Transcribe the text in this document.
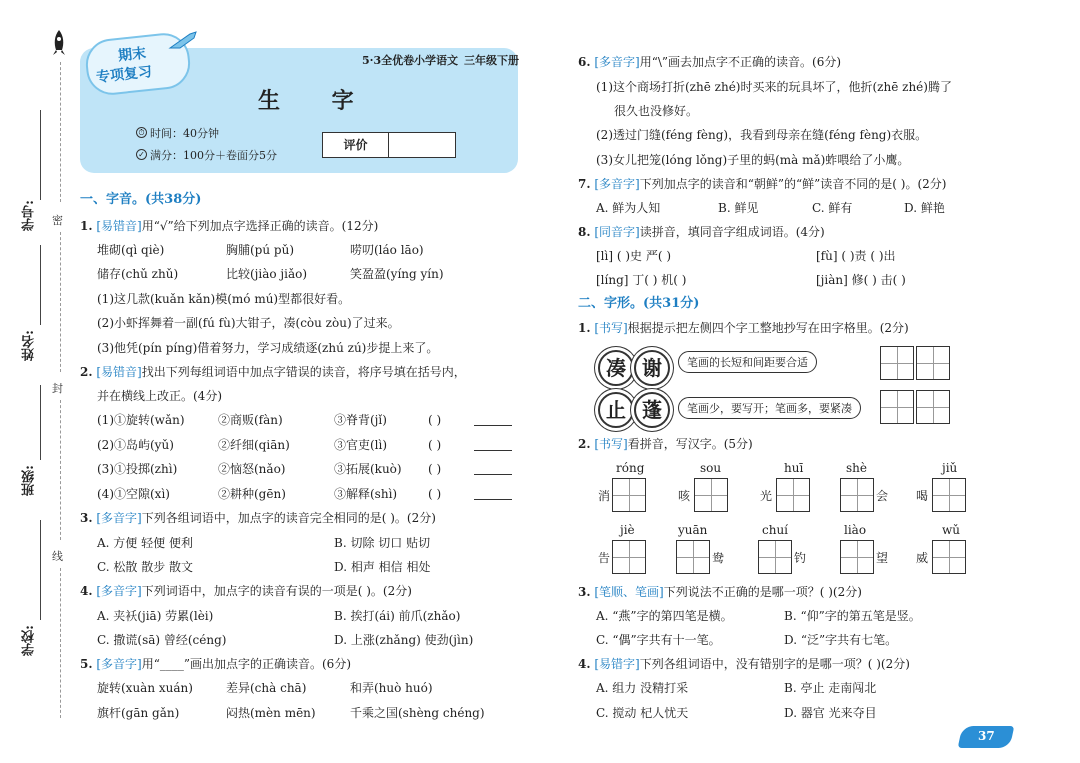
密
封
线
学号:
姓名:
班级:
学校:
期末
专项复习
5·3全优卷 小学语文 三年级下册
生 字
⏱ 时间：40分钟
✓ 满分：100分＋卷面分5分
评价
一、字音。(共38分)
1. [易错音]用“√”给下列加点字选择正确的读音。(12分)
堆砌(qì qiè)	胸脯(pú pǔ)	唠叨(láo lāo)
储存(chǔ zhǔ)	比较(jiào jiǎo)	笑盈盈(yíng yín)
(1)这几款(kuǎn kǎn)模(mó mú)型都很好看。
(2)小虾挥舞着一副(fú fù)大钳子，凑(còu zòu)了过来。
(3)他凭(pín píng)借着努力，学习成绩逐(zhú zú)步提上来了。
2. [易错音]找出下列每组词语中加点字错误的读音，将序号填在括号内，
并在横线上改正。(4分)
(1)①旋转(wǎn)	②商贩(fàn)	③脊背(jǐ)	( )
(2)①岛屿(yǔ)	②纤细(qiān)	③官吏(lì)	( )
(3)①投掷(zhì)	②恼怒(nǎo)	③拓展(kuò) ( )
(4)①空隙(xì)	②耕种(gēn)	③解释(shì)	( )
3. [多音字]下列各组词语中，加点字的读音完全相同的是( )。(2分)
A. 方便 轻便 便利	B. 切除 切口 贴切
C. 松散 散步 散文	D. 相声 相信 相处
4. [多音字]下列词语中，加点字的读音有误的一项是( )。(2分)
A. 夹袄(jiā) 劳累(lèi)	B. 挨打(ái) 前爪(zhǎo)
C. 撒谎(sā) 曾经(céng)	D. 上涨(zhǎng) 使劲(jìn)
5. [多音字]用“____”画出加点字的正确读音。(6分)
旋转(xuàn xuán)	差异(chà chā)	和弄(huò huó)
旗杆(gān gǎn)	闷热(mèn mēn)	千乘之国(shèng chéng)
6. [多音字]用“\”画去加点字不正确的读音。(6分)
(1)这个商场打折(zhē zhé)时买来的玩具坏了，他折(zhē zhé)腾了
很久也没修好。
(2)透过门缝(féng fèng)，我看到母亲在缝(féng fèng)衣服。
(3)女儿把笼(lóng lǒng)子里的蚂(mà mǎ)蚱喂给了小鹰。
7. [多音字]下列加点字的读音和“朝鲜”的“鲜”读音不同的是( )。(2分)
A. 鲜为人知	B. 鲜见	C. 鲜有	D. 鲜艳
8. [同音字]读拼音，填同音字组成词语。(4分)
[lì] ( )史 严( )	[fù] ( )责 ( )出
[líng] 丁( ) 机( )	[jiàn] 修( ) 击( )
二、字形。(共31分)
1. [书写]根据提示把左侧四个字工整地抄写在田字格里。(2分)
凑 谢	笔画的长短和间距要合适
止 蓬	笔画少，要写开；笔画多，要紧凑
2. [书写]看拼音，写汉字。(5分)
róng	sou	huī	shè	jiǔ
消	咳	光	会 喝
jiè	yuān	chuí	liào	wǔ
告	鸯	钓	望 威
3. [笔顺、笔画]下列说法不正确的是哪一项？( )(2分)
A. “燕”字的第四笔是横。	B. “仰”字的第五笔是竖。
C. “偶”字共有十一笔。	D. “泛”字共有七笔。
4. [易错字]下列各组词语中，没有错别字的是哪一项？( )(2分)
A. 组力 没精打采	B. 亭止 走南闯北
C. 搅动 杞人忧天	D. 器官 光来夺目
37
